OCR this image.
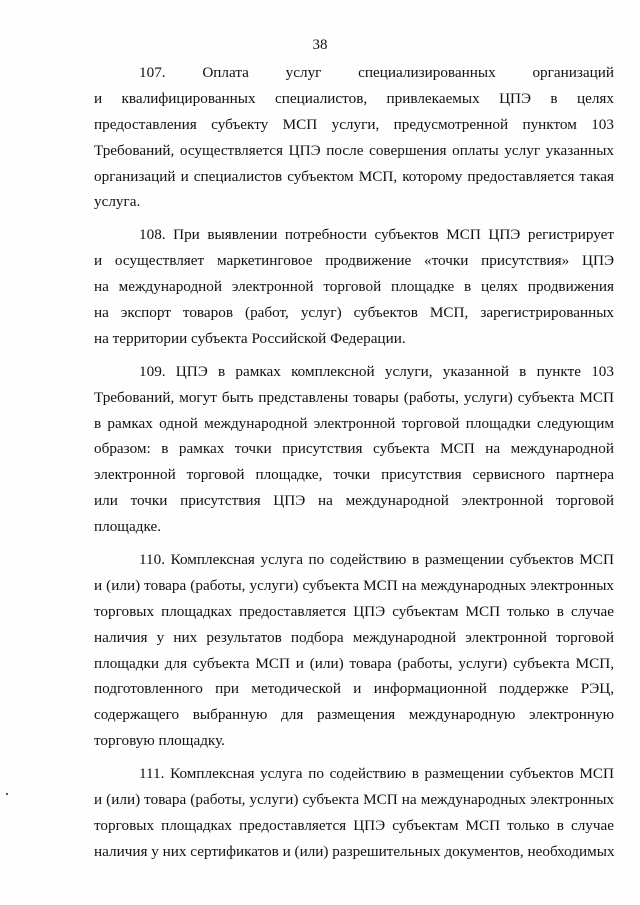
38
107. Оплата услуг специализированных организаций
и квалифицированных специалистов, привлекаемых ЦПЭ в целях
предоставления субъекту МСП услуги, предусмотренной пунктом 103
Требований, осуществляется ЦПЭ после совершения оплаты услуг указанных
организаций и специалистов субъектом МСП, которому предоставляется такая
услуга.
108. При выявлении потребности субъектов МСП ЦПЭ регистрирует
и осуществляет маркетинговое продвижение «точки присутствия» ЦПЭ
на международной электронной торговой площадке в целях продвижения
на экспорт товаров (работ, услуг) субъектов МСП, зарегистрированных
на территории субъекта Российской Федерации.
109. ЦПЭ в рамках комплексной услуги, указанной в пункте 103
Требований, могут быть представлены товары (работы, услуги) субъекта МСП
в рамках одной международной электронной торговой площадки следующим
образом: в рамках точки присутствия субъекта МСП на международной
электронной торговой площадке, точки присутствия сервисного партнера
или точки присутствия ЦПЭ на международной электронной торговой
площадке.
110. Комплексная услуга по содействию в размещении субъектов МСП
и (или) товара (работы, услуги) субъекта МСП на международных электронных
торговых площадках предоставляется ЦПЭ субъектам МСП только в случае
наличия у них результатов подбора международной электронной торговой
площадки для субъекта МСП и (или) товара (работы, услуги) субъекта МСП,
подготовленного при методической и информационной поддержке РЭЦ,
содержащего выбранную для размещения международную электронную
торговую площадку.
111. Комплексная услуга по содействию в размещении субъектов МСП
и (или) товара (работы, услуги) субъекта МСП на международных электронных
торговых площадках предоставляется ЦПЭ субъектам МСП только в случае
наличия у них сертификатов и (или) разрешительных документов, необходимых
